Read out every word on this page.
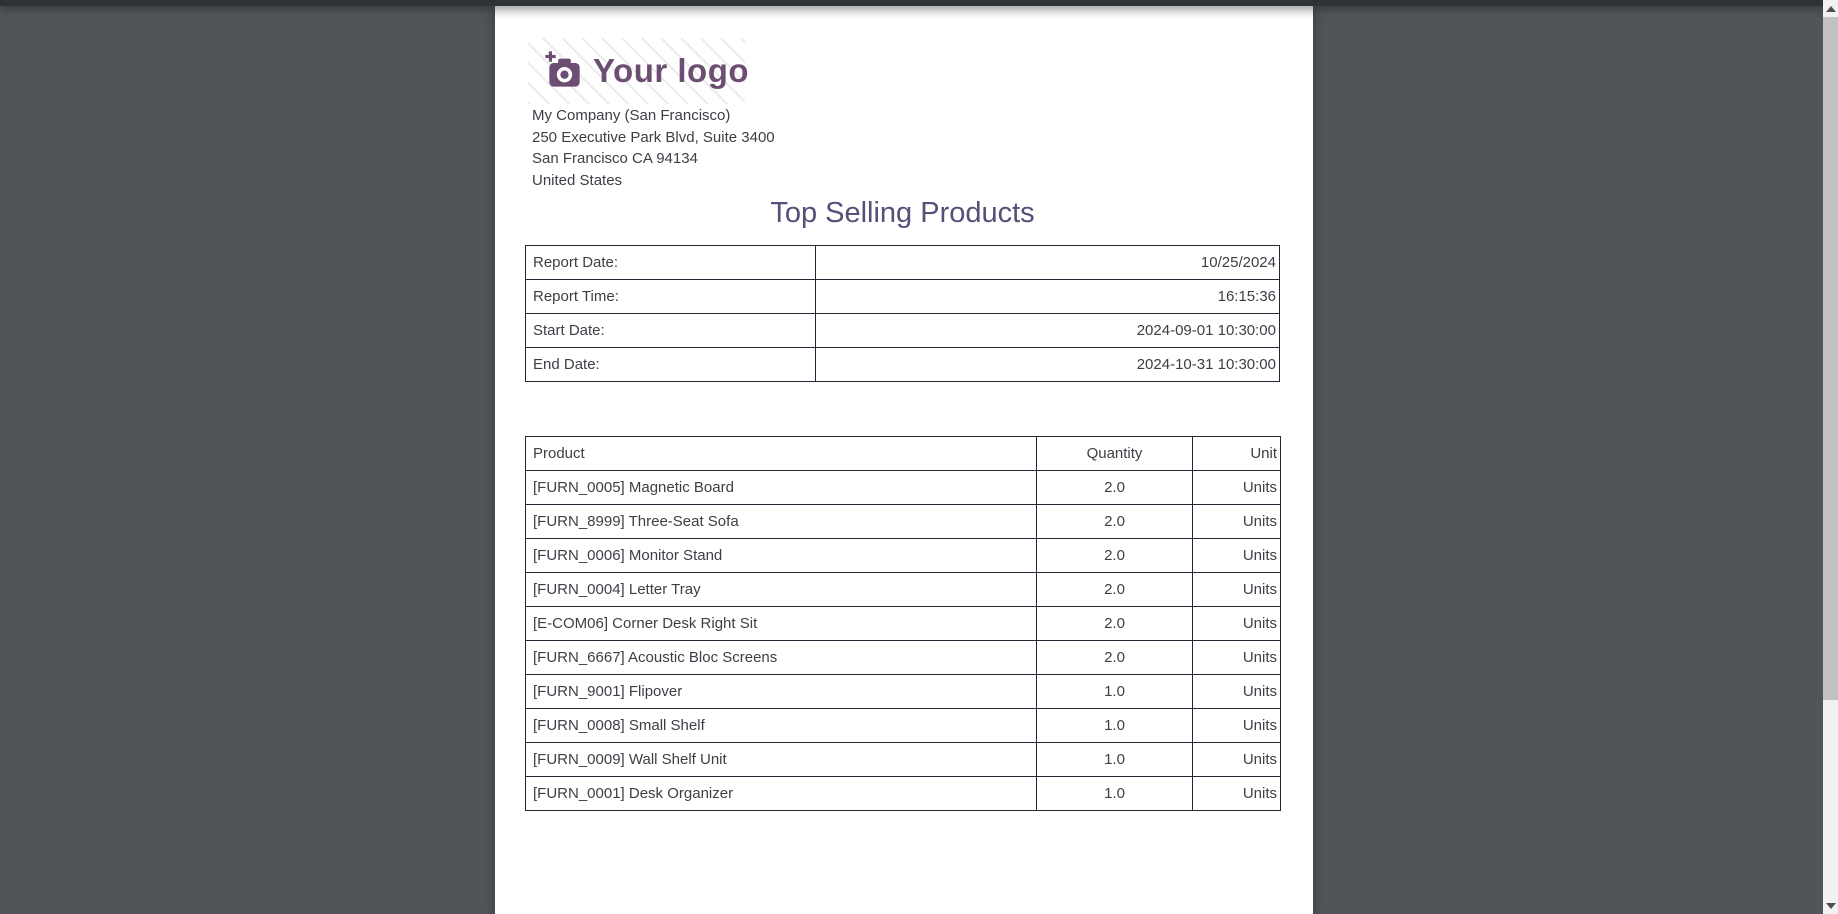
Your logo
My Company (San Francisco)
250 Executive Park Blvd, Suite 3400
San Francisco CA 94134
United States
Top Selling Products
Report Date:	10/25/2024
Report Time:	16:15:36
Start Date:	2024-09-01 10:30:00
End Date:	2024-10-31 10:30:00
Product	Quantity	Unit
[FURN_0005] Magnetic Board	2.0	Units
[FURN_8999] Three-Seat Sofa	2.0	Units
[FURN_0006] Monitor Stand	2.0	Units
[FURN_0004] Letter Tray	2.0	Units
[E-COM06] Corner Desk Right Sit	2.0	Units
[FURN_6667] Acoustic Bloc Screens	2.0	Units
[FURN_9001] Flipover	1.0	Units
[FURN_0008] Small Shelf	1.0	Units
[FURN_0009] Wall Shelf Unit	1.0	Units
[FURN_0001] Desk Organizer	1.0	Units
